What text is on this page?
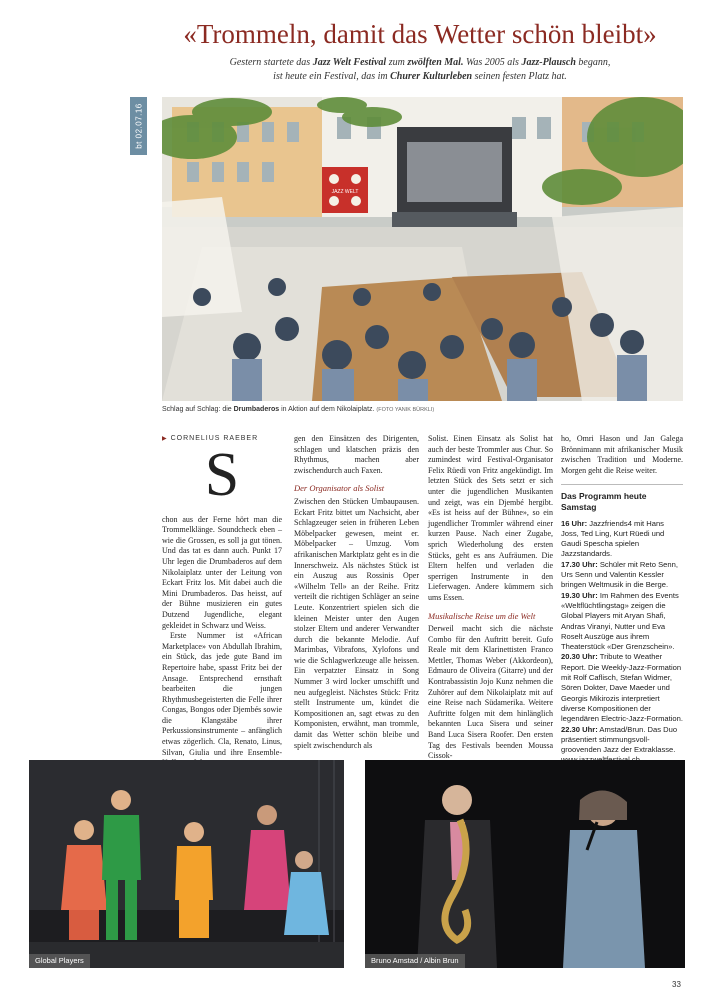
«Trommeln, damit das Wetter schön bleibt»
Gestern startete das Jazz Welt Festival zum zwölften Mal. Was 2005 als Jazz-Plausch begann,
ist heute ein Festival, das im Churer Kulturleben seinen festen Platz hat.
bt 02.07.16
JAZZ WELT
Schlag auf Schlag: die Drumbaderos in Aktion auf dem Nikolaiplatz. (FOTO YANIK BÜRKLI)
▶ CORNELIUS RAEBER
S

chon aus der Ferne hört man die Trommelklänge. Soundcheck eben – wie die Grossen, es soll ja gut tönen. Und das tat es dann auch. Punkt 17 Uhr legen die Drumbaderos auf dem Nikolaiplatz unter der Leitung von Eckart Fritz los. Mit dabei auch die Mini Drumbaderos. Das heisst, auf der Bühne musizieren ein gutes Dutzend Jugendliche, elegant gekleidet in Schwarz und Weiss.

Erste Nummer ist «African Marketplace» von Abdullah Ibrahim, ein Stück, das jede gute Band im Repertoire habe, spasst Fritz bei der Ansage. Entsprechend ernsthaft bearbeiten die jungen Rhythmusbegeisterten die Felle ihrer Congas, Bongos oder Djembés sowie die Klangstäbe ihrer Perkussionsinstrumente – anfänglich etwas zögerlich. Cla, Renato, Linus, Silvan, Giulia und ihre Ensemble-

gen den Einsätzen des Dirigenten, schlagen und klatschen präzis den Rhythmus, machen aber zwischendurch auch Faxen.

Der Organisator als Solist

Zwischen den Stücken Umbaupausen. Eckart Fritz bittet um Nachsicht, aber Schlagzeuger seien in früheren Leben Möbelpacker gewesen, meint er. Möbelpacker – Umzug. Vom afrikanischen Marktplatz geht es in die Innerschweiz. Als nächstes Stück ist ein Auszug aus Rossinis Oper «Wilhelm Tell» an der Reihe. Fritz verteilt die richtigen Schläger an seine Leute. Konzentriert spielen sich die kleinen Meister unter den Augen stolzer Eltern und anderer Verwandter durch die bekannte Melodie. Auf Marimbas, Vibrafons, Xylofons und wie die Schlagwerkzeuge alle heissen. Ein verpatzter Einsatz in Song Nummer 3 wird locker umschifft und neu aufgegleist. Nächstes Stück: Fritz stellt Instrumente um, kündet die Kompositionen an, sagt etwas zu den Komponisten, erwähnt, man trommle, damit das Wetter schön bleibe und spielt zwischendurch als

Solist. Einen Einsatz als Solist hat auch der beste Trommler aus Chur. So zumindest wird Festival-Organisator Felix Rüedi von Fritz angekündigt. Im letzten Stück des Sets setzt er sich unter die jugendlichen Musikanten und zeigt, was ein Djembé hergibt. «Es ist heiss auf der Bühne», so ein jugendlicher Trommler während einer kurzen Pause. Nach einer Zugabe, sprich Wiederholung des ersten Stücks, geht es ans Aufräumen. Die Eltern helfen und verladen die sperrigen Instrumente in den Lieferwagen. Andere kümmern sich ums Essen.

Musikalische Reise um die Welt

Derweil macht sich die nächste Combo für den Auftritt bereit. Gufo Reale mit dem Klarinettisten Franco Mettler, Thomas Weber (Akkordeon), Edmauro de Oliveira (Gitarre) und der Kontrabassistin Jojo Kunz nehmen die Zuhörer auf dem Nikolaiplatz mit auf eine Reise nach Südamerika. Weitere Auftritte folgen mit dem hinlänglich bekannten Luca Sisera und seiner Band Luca Sisera Roofer. Den ersten Tag des Festivals beenden Moussa Cissok-

ho, Omri Hason und Jan Galega Brönnimann mit afrikanischer Musik zwischen Tradition und Moderne. Morgen geht die Reise weiter.

Das Programm heute Samstag
16 Uhr: Jazzfriends4 mit Hans Joss, Ted Ling, Kurt Rüedi und Gaudi Spescha spielen Jazzstandards.
17.30 Uhr: Schüler mit Reto Senn, Urs Senn und Valentin Kessler bringen Weltmusik in die Berge.
19.30 Uhr: Im Rahmen des Events «Weltflüchtlingstag» zeigen die Global Players mit Aryan Shafi, Andras Viranyi, Nutter und Eva Roselt Auszüge aus ihrem Theaterstück «Der Grenzschein».
20.30 Uhr: Tribute to Weather Report. Die Weekly-Jazz-Formation mit Rolf Caflisch, Stefan Widmer, Sören Dokter, Dave Maeder und Georgis Mikirozis interpretiert diverse Kompositionen der legendären Electric-Jazz-Formation.
22.30 Uhr: Amstad/Brun. Das Duo präsentiert stimmungsvoll-groovenden Jazz der Extraklasse.
Global Players	Bruno Amstad / Albin Brun
33
